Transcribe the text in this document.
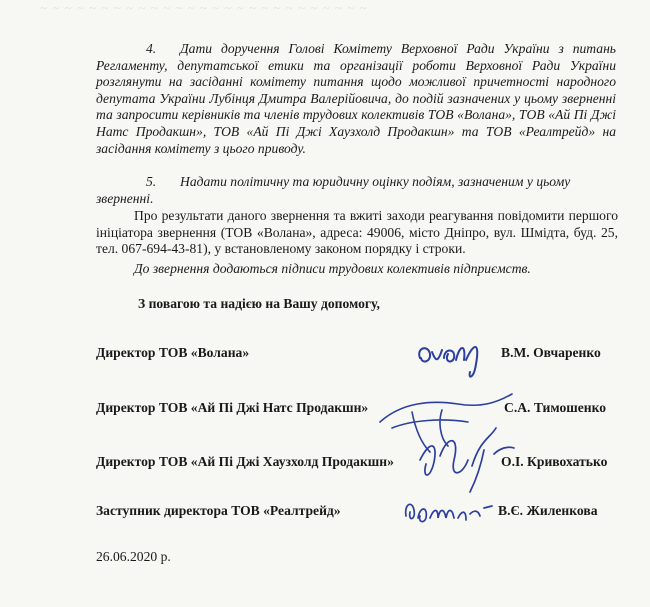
~ ~ ~ ~ ~ ~ ~ ~ ~ ~ ~ ~ ~ ~ ~ ~ ~ ~ ~ ~ ~ ~ ~ ~ ~ ~ ~
4. Дати доручення Голові Комітету Верховної Ради України з питань Регламенту, депутатської етики та організації роботи Верховної Ради України розглянути на засіданні комітету питання щодо можливої причетності народного депутата України Лубінця Дмитра Валерійовича, до подій зазначених у цьому зверненні та запросити керівників та членів трудових колективів ТОВ «Волана», ТОВ «Ай Пі Джі Натс Продакшн», ТОВ «Ай Пі Джі Хаузхолд Продакшн» та ТОВ «Реалтрейд» на засідання комітету з цього приводу.
5. Надати політичну та юридичну оцінку подіям, зазначеним у цьому зверненні.
Про результати даного звернення та вжиті заходи реагування повідомити першого ініціатора звернення (ТОВ «Волана», адреса: 49006, місто Дніпро, вул. Шмідта, буд. 25, тел. 067-694-43-81), у встановленому законом порядку і строки.
До звернення додаються підписи трудових колективів підприємств.
З повагою та надією на Вашу допомогу,
Директор ТОВ «Волана»	В.М. Овчаренко
Директор ТОВ «Ай Пі Джі Натс Продакшн»	С.А. Тимошенко
Директор ТОВ «Ай Пі Джі Хаузхолд Продакшн»	О.І. Кривохатько
Заступник директора ТОВ «Реалтрейд»	В.Є. Жиленкова
26.06.2020 р.
